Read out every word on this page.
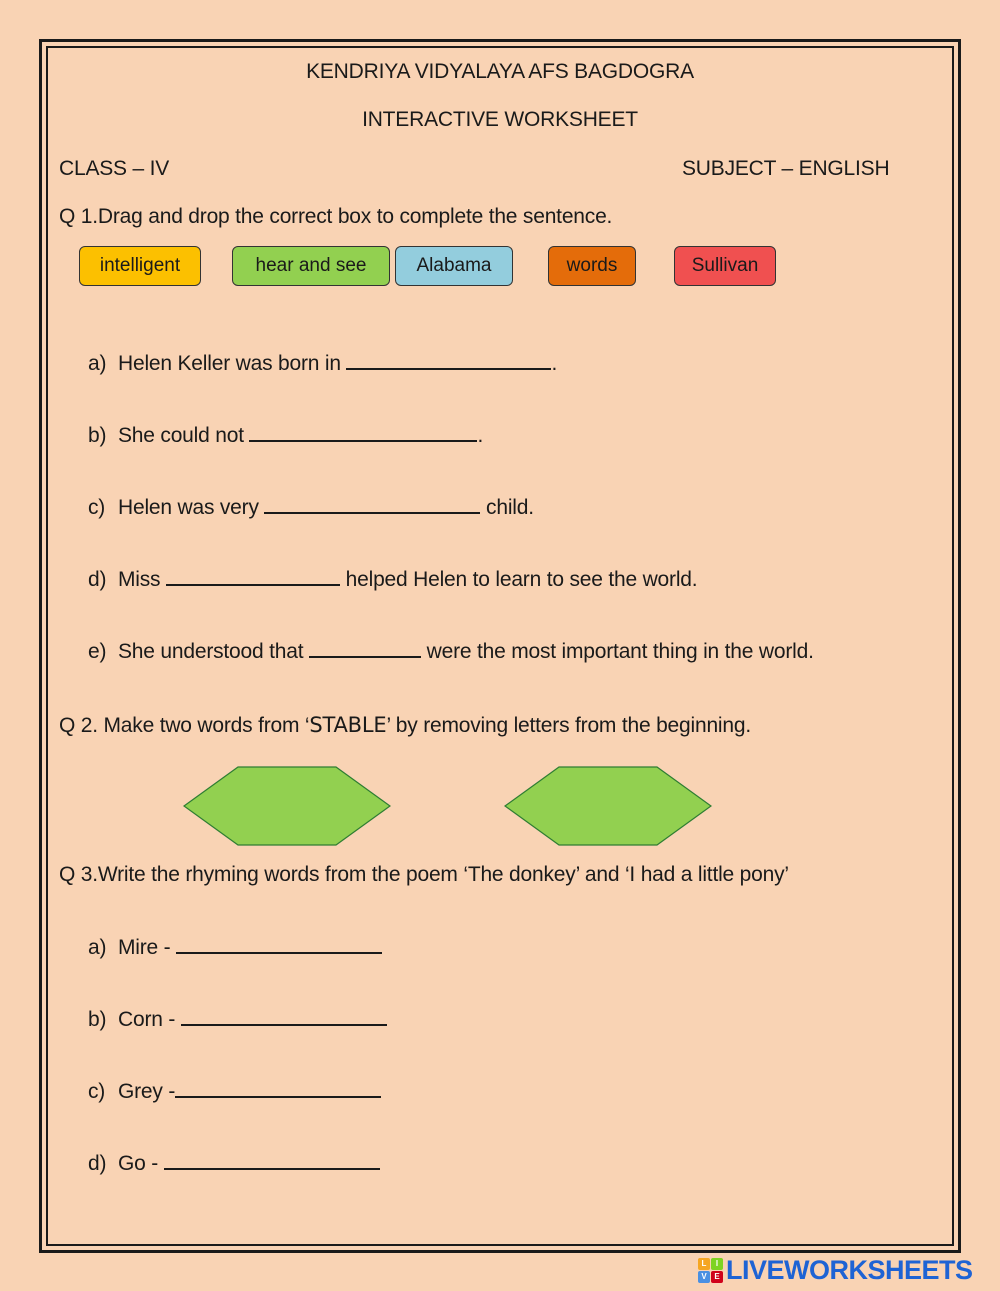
KENDRIYA VIDYALAYA AFS BAGDOGRA
INTERACTIVE WORKSHEET
CLASS – IV	SUBJECT – ENGLISH
Q 1.Drag and drop the correct box to complete the sentence.
intelligent	hear and see	Alabama	words	Sullivan
a) Helen Keller was born in	.
b) She could not	.
c) Helen was very	child.
d) Miss	helped Helen to learn to see the world.
e) She understood that	were the most important thing in the world.
Q 2. Make two words from ‘STABLE’ by removing letters from the beginning.
Q 3.Write the rhyming words from the poem ‘The donkey’ and ‘I had a little pony’
a) Mire -
b) Corn -
c) Grey -
d) Go -
L	I
V E LIVEWORKSHEETS
